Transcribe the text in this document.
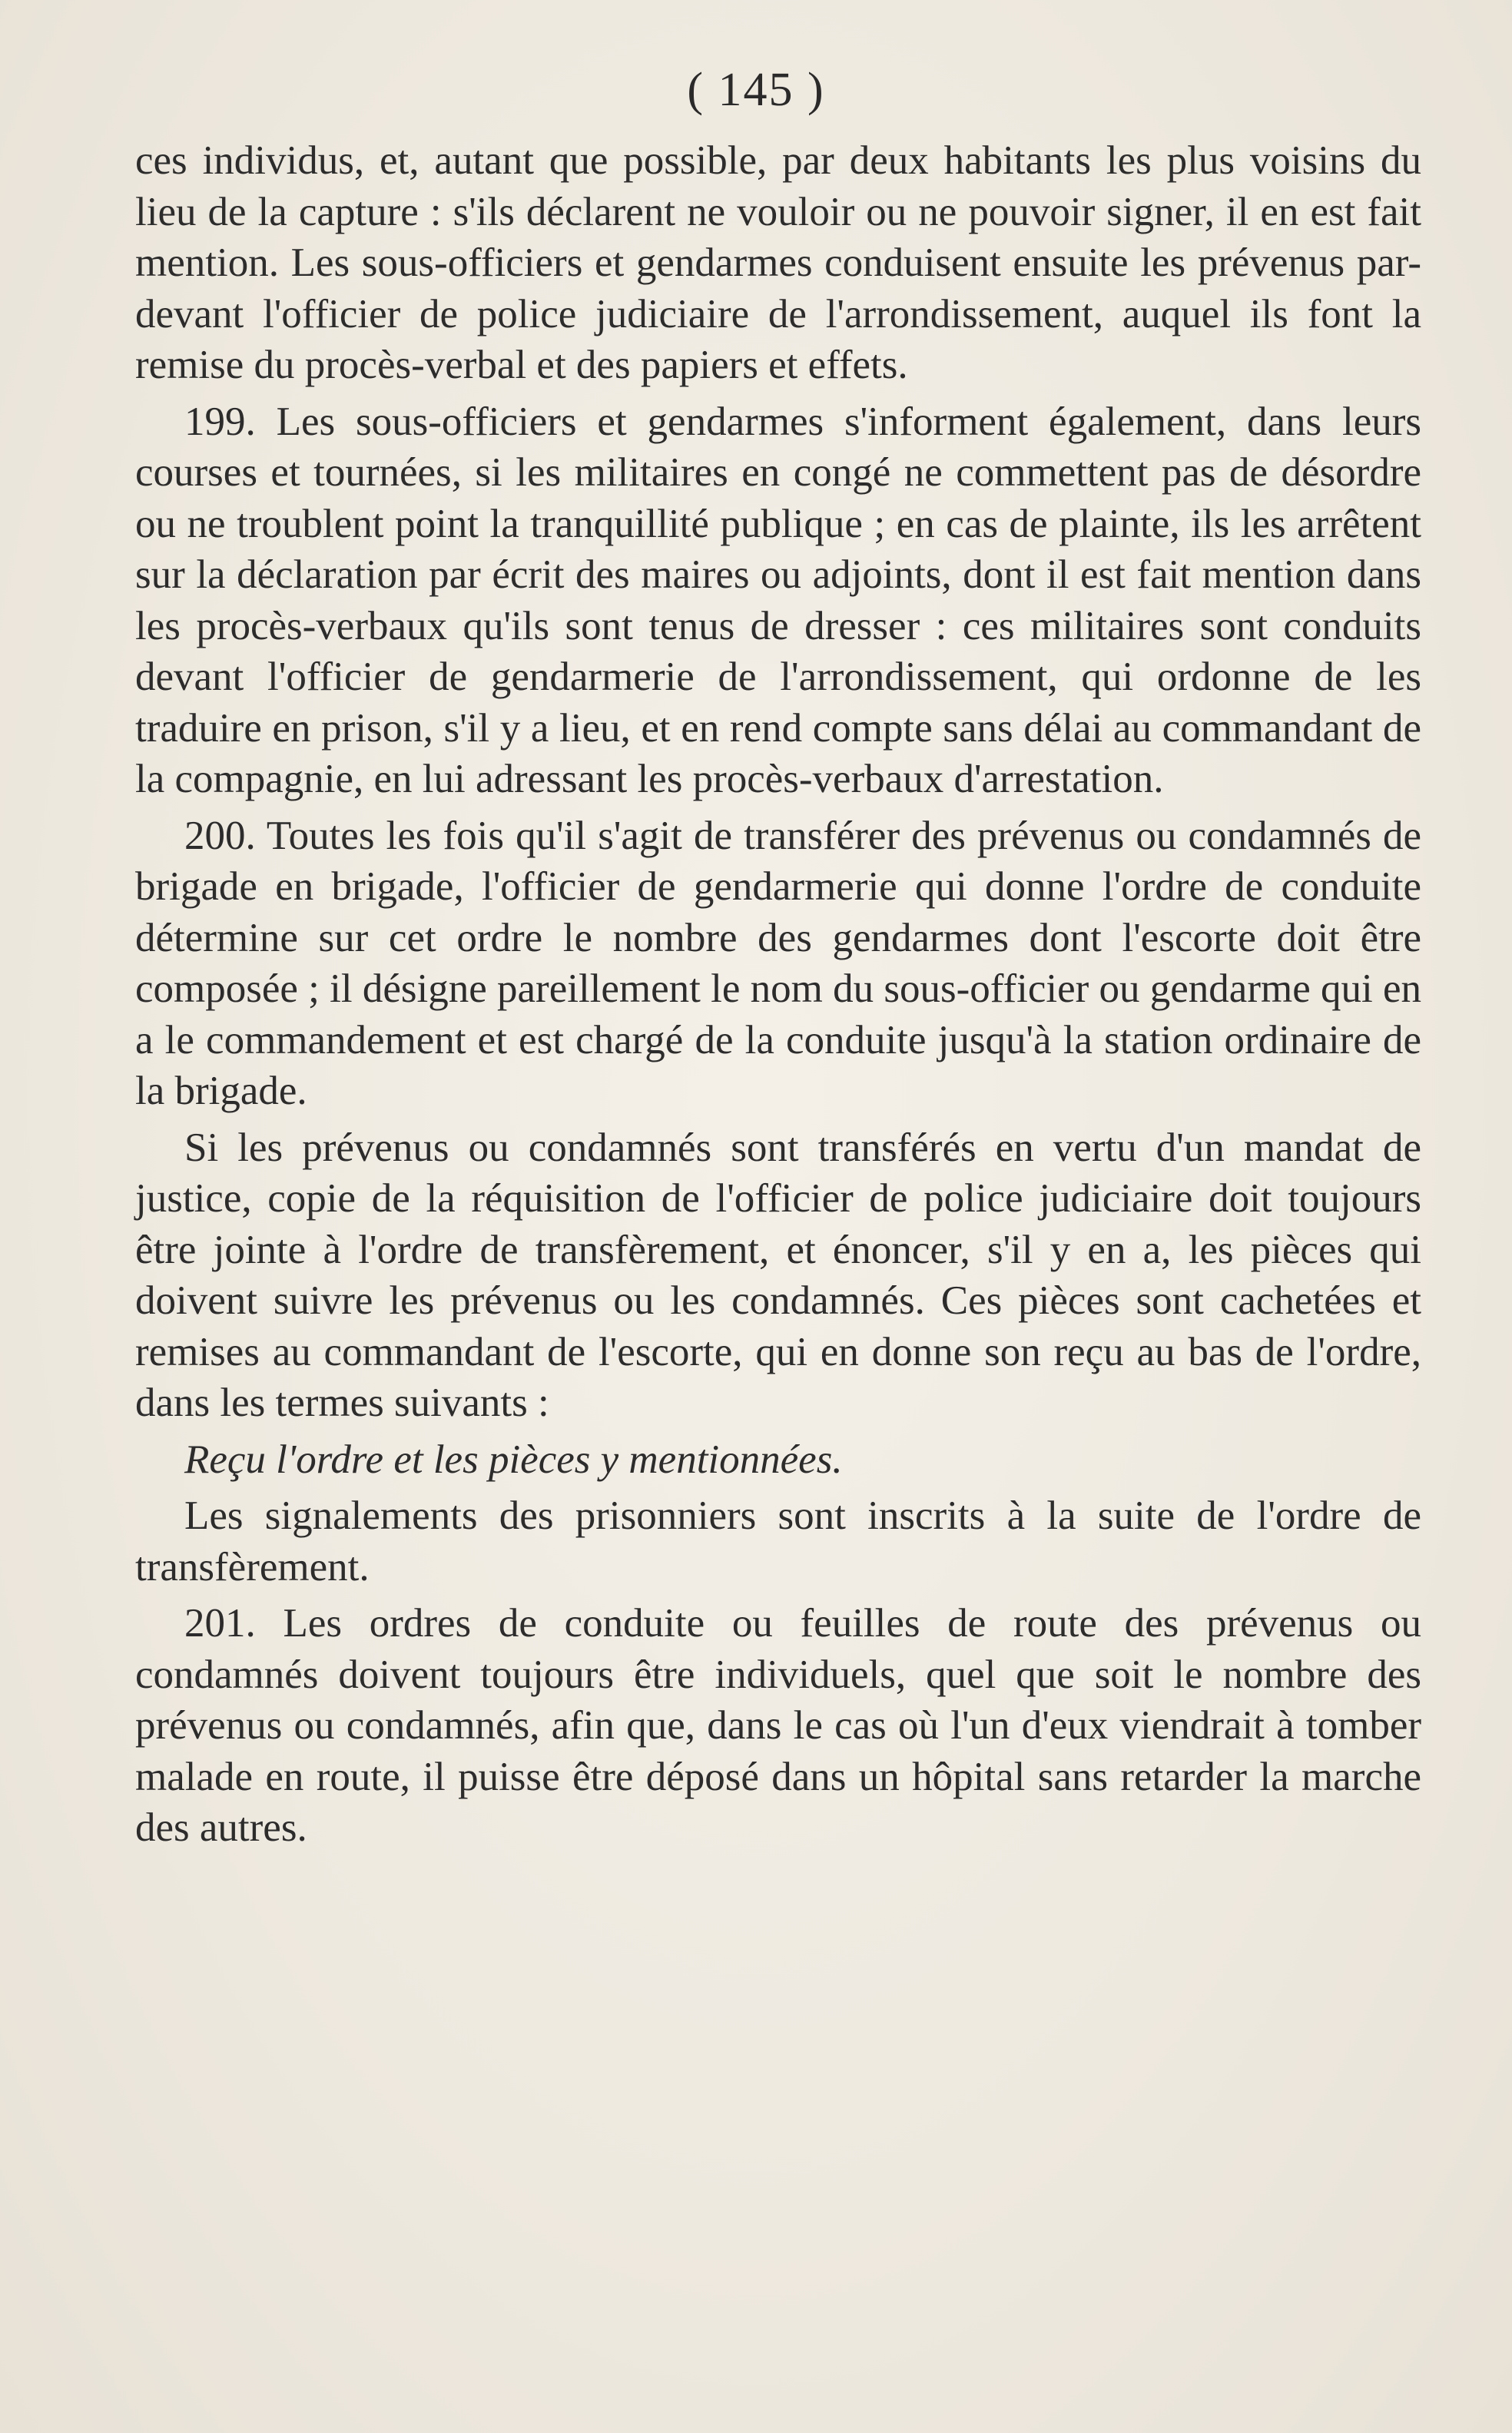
( 145 )

ces individus, et, autant que possible, par deux habitants les plus voisins du lieu de la capture : s'ils déclarent ne vouloir ou ne pouvoir signer, il en est fait mention. Les sous-officiers et gendarmes conduisent ensuite les prévenus par-devant l'officier de police judiciaire de l'arrondissement, auquel ils font la remise du procès-verbal et des papiers et effets.

199. Les sous-officiers et gendarmes s'informent également, dans leurs courses et tournées, si les militaires en congé ne commettent pas de désordre ou ne troublent point la tranquillité publique ; en cas de plainte, ils les arrêtent sur la déclaration par écrit des maires ou adjoints, dont il est fait mention dans les procès-verbaux qu'ils sont tenus de dresser : ces militaires sont conduits devant l'officier de gendarmerie de l'arrondissement, qui ordonne de les traduire en prison, s'il y a lieu, et en rend compte sans délai au commandant de la compagnie, en lui adressant les procès-verbaux d'arrestation.

200. Toutes les fois qu'il s'agit de transférer des prévenus ou condamnés de brigade en brigade, l'officier de gendarmerie qui donne l'ordre de conduite détermine sur cet ordre le nombre des gendarmes dont l'escorte doit être composée ; il désigne pareillement le nom du sous-officier ou gendarme qui en a le commandement et est chargé de la conduite jusqu'à la station ordinaire de la brigade.

Si les prévenus ou condamnés sont transférés en vertu d'un mandat de justice, copie de la réquisition de l'officier de police judiciaire doit toujours être jointe à l'ordre de transfèrement, et énoncer, s'il y en a, les pièces qui doivent suivre les prévenus ou les condamnés. Ces pièces sont cachetées et remises au commandant de l'escorte, qui en donne son reçu au bas de l'ordre, dans les termes suivants :

Reçu l'ordre et les pièces y mentionnées.

Les signalements des prisonniers sont inscrits à la suite de l'ordre de transfèrement.

201. Les ordres de conduite ou feuilles de route des prévenus ou condamnés doivent toujours être individuels, quel que soit le nombre des prévenus ou condamnés, afin que, dans le cas où l'un d'eux viendrait à tomber malade en route, il puisse être déposé dans un hôpital sans retarder la marche des autres.
